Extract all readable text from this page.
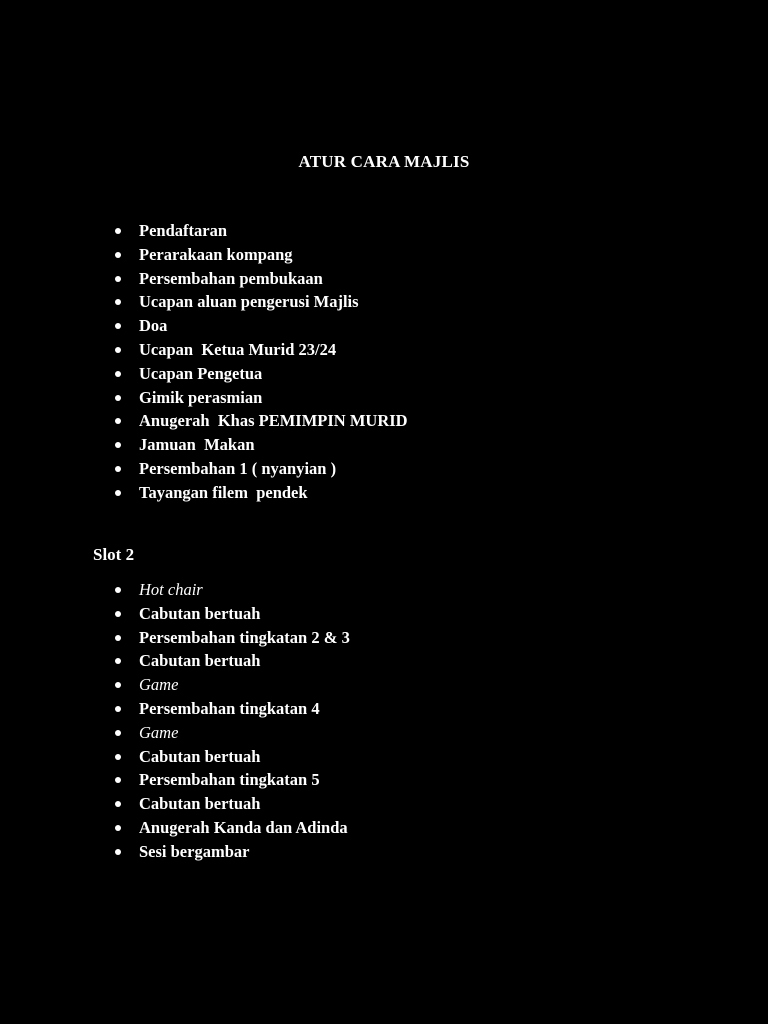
ATUR CARA MAJLIS
Pendaftaran
Perarakaan kompang
Persembahan pembukaan
Ucapan aluan pengerusi Majlis
Doa
Ucapan  Ketua Murid 23/24
Ucapan Pengetua
Gimik perasmian
Anugerah  Khas PEMIMPIN MURID
Jamuan  Makan
Persembahan 1 ( nyanyian )
Tayangan filem  pendek
Slot 2
Hot chair
Cabutan bertuah
Persembahan tingkatan 2 & 3
Cabutan bertuah
Game
Persembahan tingkatan 4
Game
Cabutan bertuah
Persembahan tingkatan 5
Cabutan bertuah
Anugerah Kanda dan Adinda
Sesi bergambar
